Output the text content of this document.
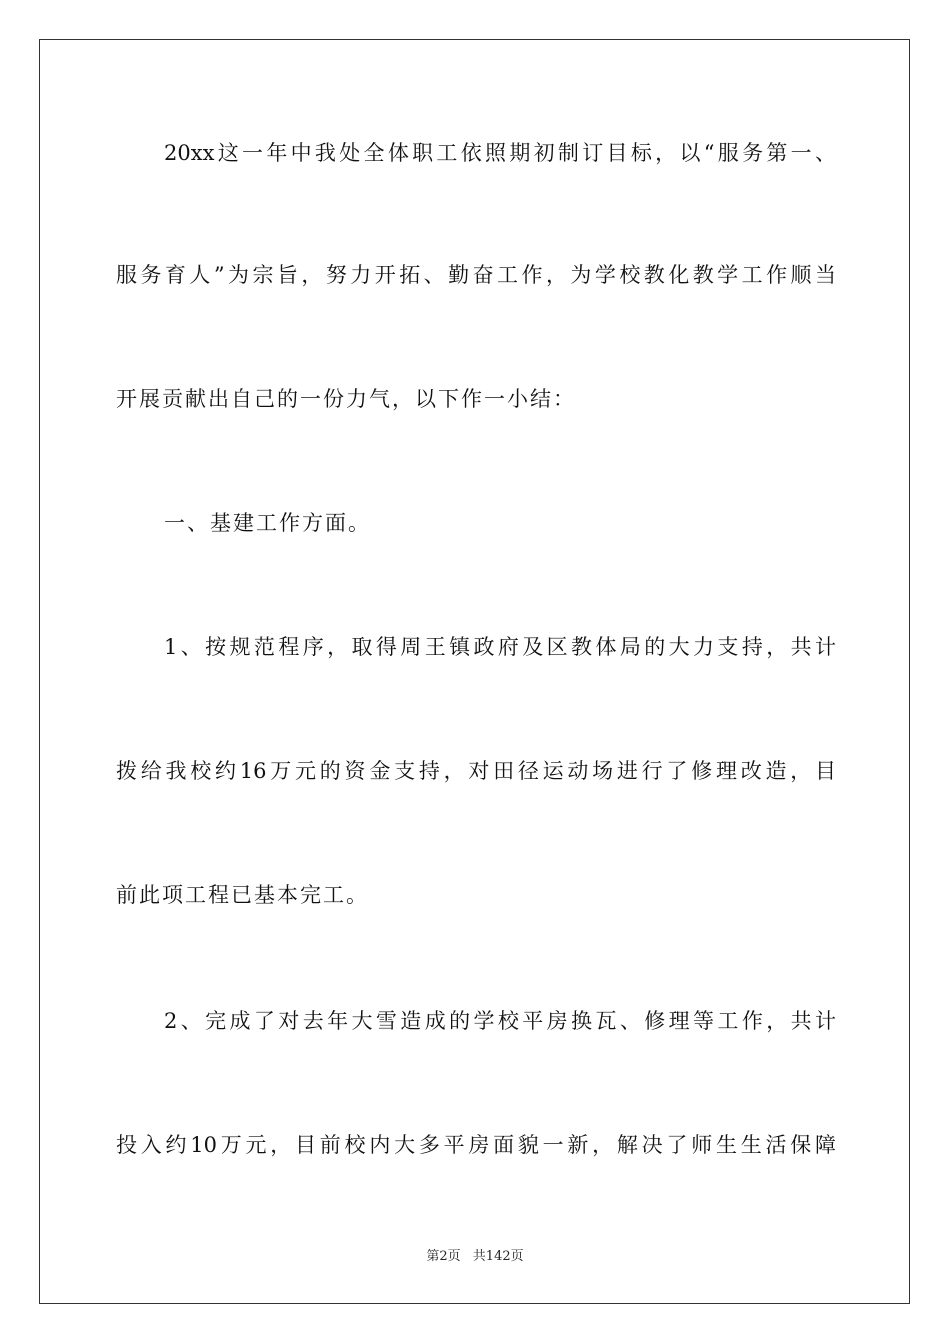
20xx这一年中我处全体职工依照期初制订目标，以“服务第一、
服务育人”为宗旨，努力开拓、勤奋工作，为学校教化教学工作顺当
开展贡献出自己的一份力气，以下作一小结：
一、基建工作方面。
1、按规范程序，取得周王镇政府及区教体局的大力支持，共计
拨给我校约16万元的资金支持，对田径运动场进行了修理改造，目
前此项工程已基本完工。
2、完成了对去年大雪造成的学校平房换瓦、修理等工作，共计
投入约10万元，目前校内大多平房面貌一新，解决了师生生活保障
第2页 共142页
